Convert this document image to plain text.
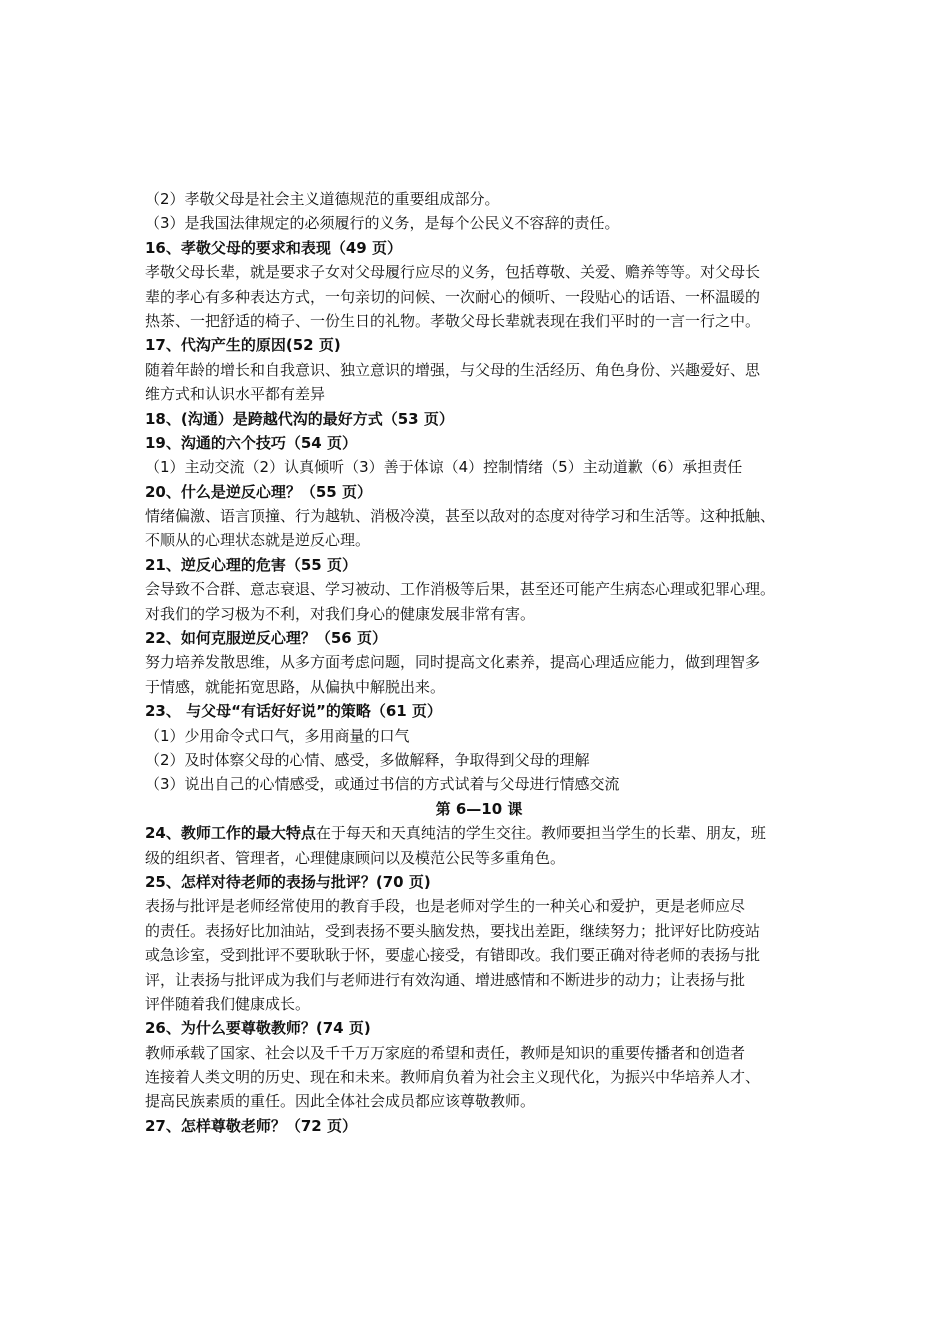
（2）孝敬父母是社会主义道德规范的重要组成部分。
（3）是我国法律规定的必须履行的义务，是每个公民义不容辞的责任。
16、孝敬父母的要求和表现（49 页）
孝敬父母长辈，就是要求子女对父母履行应尽的义务，包括尊敬、关爱、赡养等等。对父母长
辈的孝心有多种表达方式，一句亲切的问候、一次耐心的倾听、一段贴心的话语、一杯温暖的
热茶、一把舒适的椅子、一份生日的礼物。孝敬父母长辈就表现在我们平时的一言一行之中。
17、代沟产生的原因(52 页)
随着年龄的增长和自我意识、独立意识的增强，与父母的生活经历、角色身份、兴趣爱好、思
维方式和认识水平都有差异
18、(沟通）是跨越代沟的最好方式（53 页）
19、沟通的六个技巧（54 页）
（1）主动交流（2）认真倾听（3）善于体谅（4）控制情绪（5）主动道歉（6）承担责任
20、什么是逆反心理？（55 页）
情绪偏激、语言顶撞、行为越轨、消极冷漠，甚至以敌对的态度对待学习和生活等。这种抵触、
不顺从的心理状态就是逆反心理。
21、逆反心理的危害（55 页）
会导致不合群、意志衰退、学习被动、工作消极等后果，甚至还可能产生病态心理或犯罪心理。
对我们的学习极为不利，对我们身心的健康发展非常有害。
22、如何克服逆反心理？（56 页）
努力培养发散思维，从多方面考虑问题，同时提高文化素养，提高心理适应能力，做到理智多
于情感，就能拓宽思路，从偏执中解脱出来。
23、 与父母“有话好好说”的策略（61 页）
（1）少用命令式口气，多用商量的口气
（2）及时体察父母的心情、感受，多做解释，争取得到父母的理解
（3）说出自己的心情感受，或通过书信的方式试着与父母进行情感交流
第 6—10 课
24、教师工作的最大特点在于每天和天真纯洁的学生交往。教师要担当学生的长辈、朋友，班
级的组织者、管理者，心理健康顾问以及模范公民等多重角色。
25、怎样对待老师的表扬与批评？(70 页)
表扬与批评是老师经常使用的教育手段，也是老师对学生的一种关心和爱护，更是老师应尽
的责任。表扬好比加油站，受到表扬不要头脑发热，要找出差距，继续努力；批评好比防疫站
或急诊室，受到批评不要耿耿于怀，要虚心接受，有错即改。我们要正确对待老师的表扬与批
评，让表扬与批评成为我们与老师进行有效沟通、增进感情和不断进步的动力；让表扬与批
评伴随着我们健康成长。
26、为什么要尊敬教师？(74 页)
教师承载了国家、社会以及千千万万家庭的希望和责任，教师是知识的重要传播者和创造者
连接着人类文明的历史、现在和未来。教师肩负着为社会主义现代化，为振兴中华培养人才、
提高民族素质的重任。因此全体社会成员都应该尊敬教师。
27、怎样尊敬老师？（72 页）
